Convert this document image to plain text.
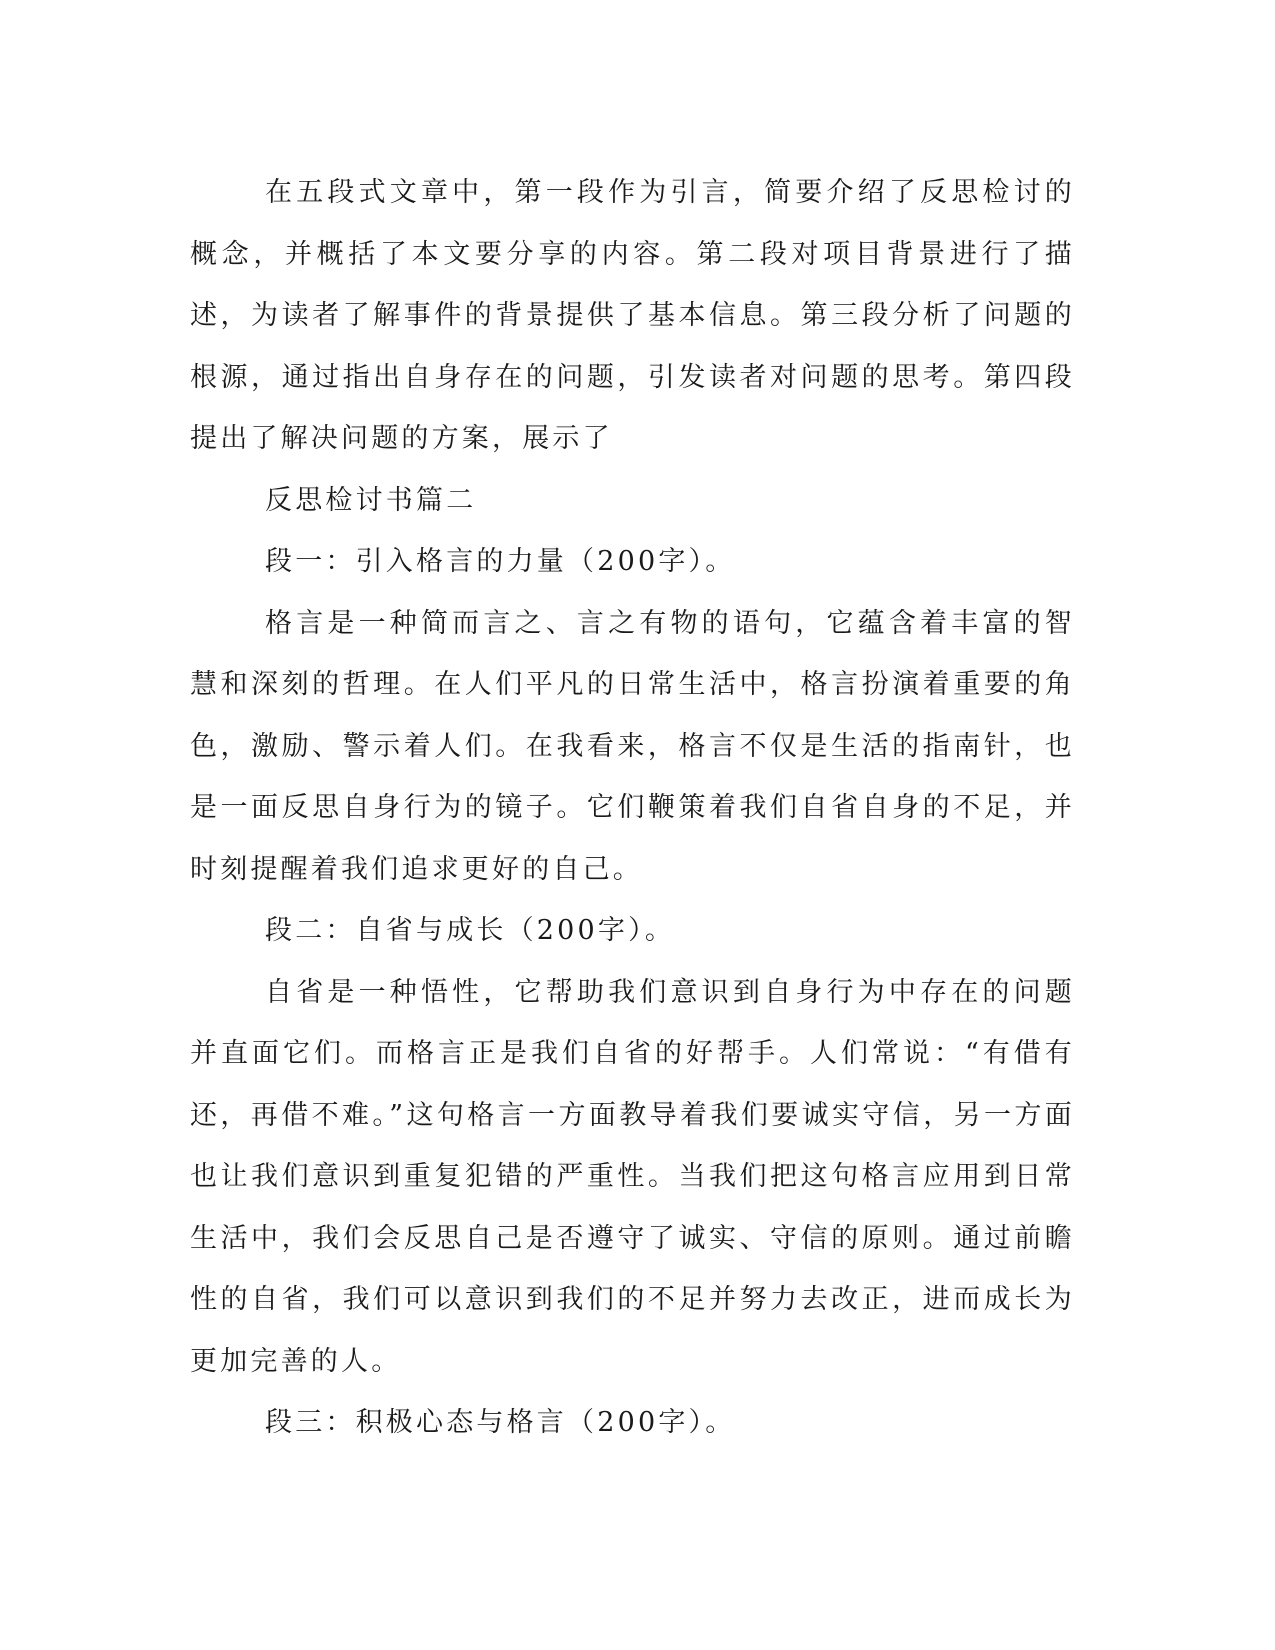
在五段式文章中，第一段作为引言，简要介绍了反思检讨的概念，并概括了本文要分享的内容。第二段对项目背景进行了描述，为读者了解事件的背景提供了基本信息。第三段分析了问题的根源，通过指出自身存在的问题，引发读者对问题的思考。第四段提出了解决问题的方案，展示了

反思检讨书篇二

段一：引入格言的力量（200字）。

格言是一种简而言之、言之有物的语句，它蕴含着丰富的智慧和深刻的哲理。在人们平凡的日常生活中，格言扮演着重要的角色，激励、警示着人们。在我看来，格言不仅是生活的指南针，也是一面反思自身行为的镜子。它们鞭策着我们自省自身的不足，并时刻提醒着我们追求更好的自己。

段二：自省与成长（200字）。

自省是一种悟性，它帮助我们意识到自身行为中存在的问题并直面它们。而格言正是我们自省的好帮手。人们常说：“有借有还，再借不难。”这句格言一方面教导着我们要诚实守信，另一方面也让我们意识到重复犯错的严重性。当我们把这句格言应用到日常生活中，我们会反思自己是否遵守了诚实、守信的原则。通过前瞻性的自省，我们可以意识到我们的不足并努力去改正，进而成长为更加完善的人。

段三：积极心态与格言（200字）。
